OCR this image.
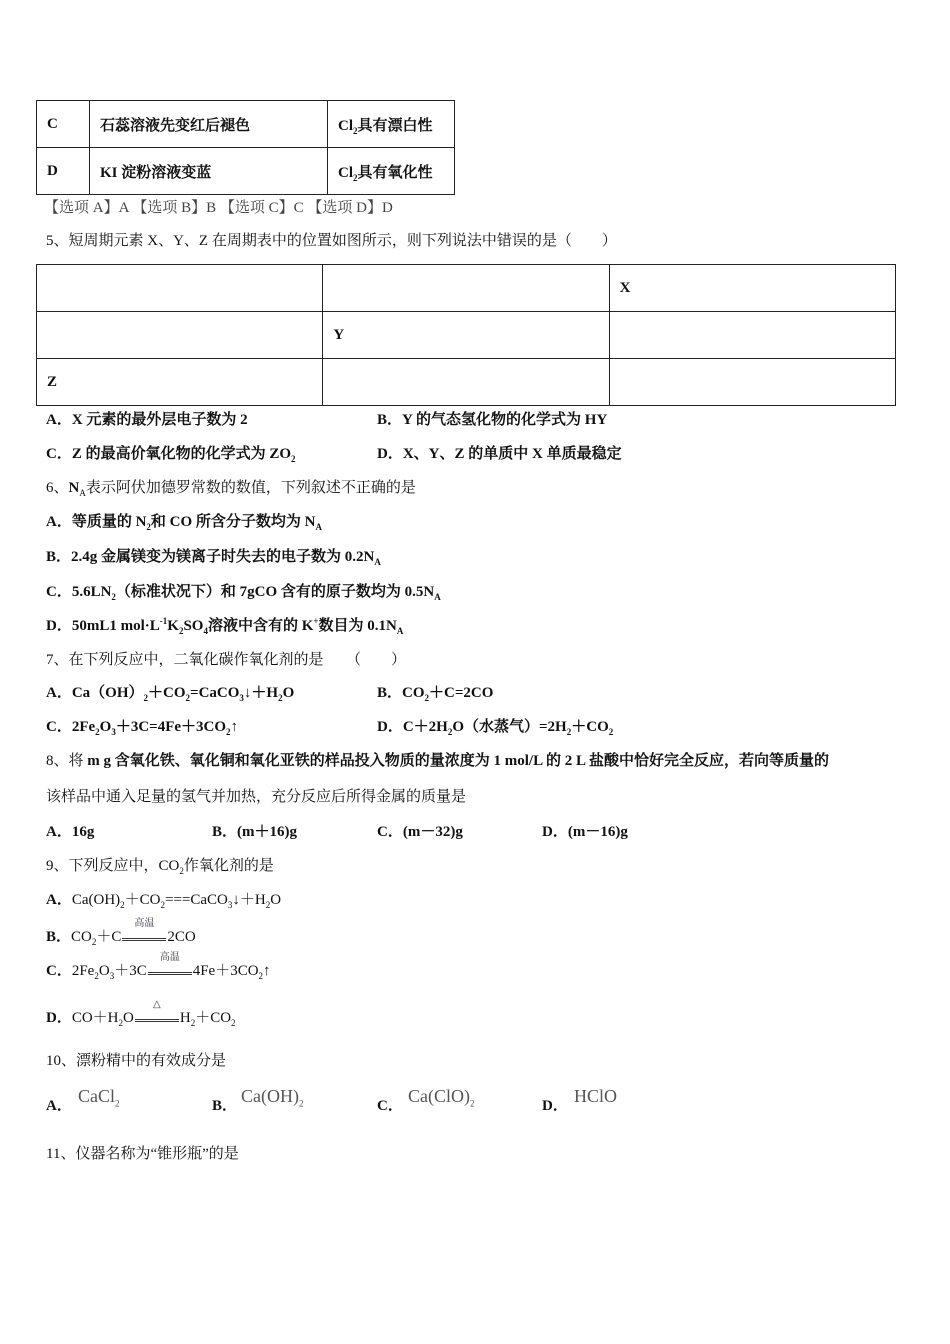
C	石蕊溶液先变红后褪色	$Cl_2$具有漂白性
D	KI 淀粉溶液变蓝	$Cl_2$具有氧化性
【选项 A】A 【选项 B】B 【选项 C】C 【选项 D】D
5、短周期元素 X、Y、Z 在周期表中的位置如图所示，则下列说法中错误的是（　　）
		X
	Y	
Z		
A．X 元素的最外层电子数为 2	B．Y 的气态氢化物的化学式为 HY
C．Z 的最高价氧化物的化学式为 $ZO_2$	D．X、Y、Z 的单质中 X 单质最稳定
6、$N_A$表示阿伏加德罗常数的数值，下列叙述不正确的是
A．等质量的 $N_2$和 CO 所含分子数均为 $N_A$
B．2.4g 金属镁变为镁离子时失去的电子数为 $0.2N_A$
C．$5.6LN_2$（标准状况下）和 7gCO 含有的原子数均为 $0.5N_A$
D．50mL1 $mol\cdot L^{-1}K_2SO_4$溶液中含有的 K+数目为 $0.1N_A$
7、在下列反应中，二氧化碳作氧化剂的是　　（　　）
A．$Ca(OH)_2+CO_2=CaCO_3↓+H_2O$	B．$CO_2+C=2CO$
C．$2Fe_2O_3+3C=4Fe+3CO_2↑$	D．$C+2H_2O$（水蒸气）$=2H_2+CO_2$
8、将 m g 含氧化铁、氧化铜和氧化亚铁的样品投入物质的量浓度为 1 mol/L 的 2 L 盐酸中恰好完全反应，若向等质量的
该样品中通入足量的氢气并加热，充分反应后所得金属的质量是
A．16g	B．(m＋16)g	C．(m－32)g	D．(m－16)g
9、下列反应中，$CO_2$作氧化剂的是
A．$Ca(OH)_2+CO_2===CaCO_3↓+H_2O$
B．$CO_2+C$
高温
2CO
C．$2Fe_2O_3+3C$
高温
$4Fe+3CO_2↑$
D．$CO+H_2O$
△
$H_2+CO_2$
10、漂粉精中的有效成分是
A． CaCl$_2$	B． $Ca(OH)_2$	C． $Ca(ClO)_2$	D． HClO
11、仪器名称为“锥形瓶”的是
